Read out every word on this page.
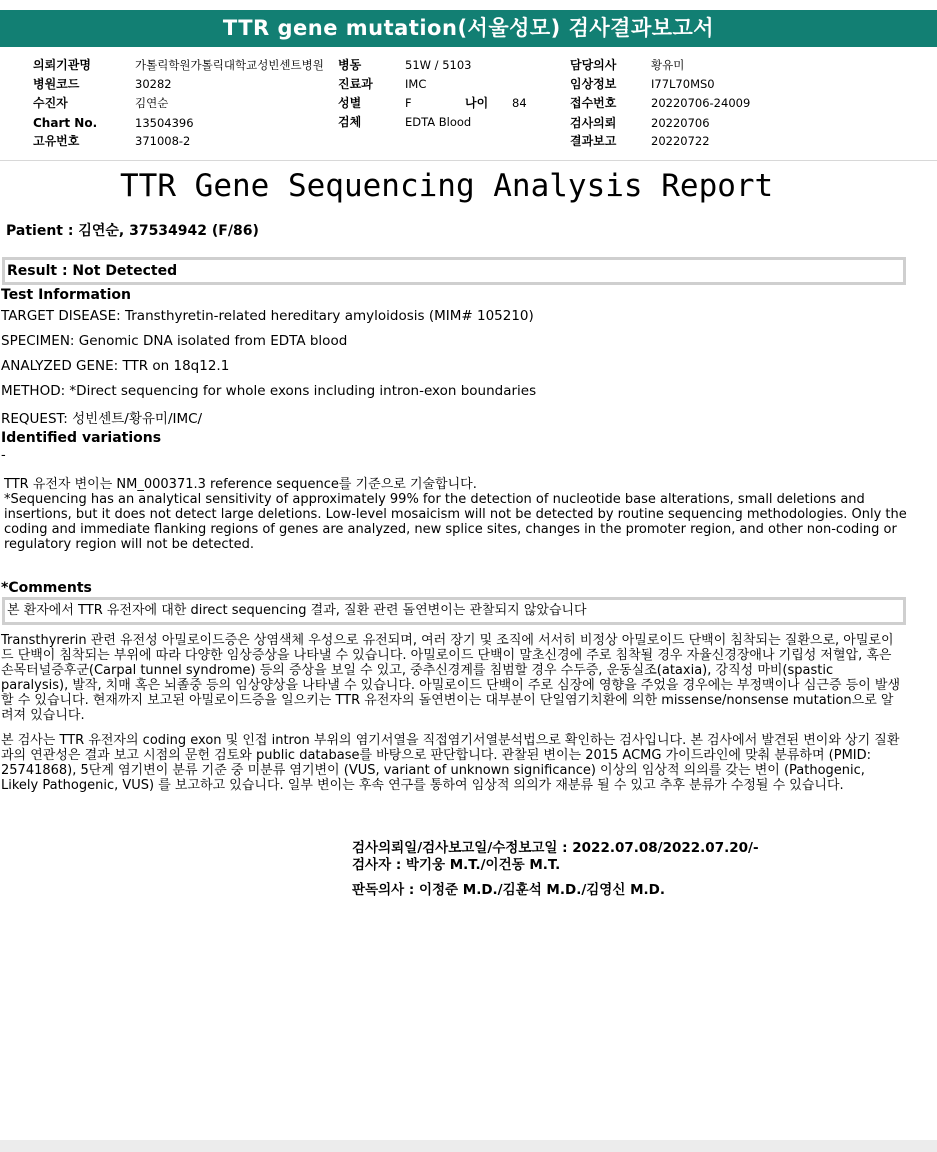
TTR gene mutation(서울성모) 검사결과보고서
의뢰기관명	가톨릭학원가톨릭대학교성빈센트병원
병원코드	30282
수진자	김연순
Chart No.	13504396
고유번호	371008-2
병동	51W / 5103
진료과	IMC
성별	F	나이 84
검체	EDTA Blood
담당의사	황유미
임상정보	I77L70MS0
접수번호	20220706-24009
검사의뢰	20220706
결과보고	20220722
TTR Gene Sequencing Analysis Report
Patient : 김연순, 37534942 (F/86)
Result : Not Detected
Test Information
TARGET DISEASE: Transthyretin-related hereditary amyloidosis (MIM# 105210)
SPECIMEN: Genomic DNA isolated from EDTA blood
ANALYZED GENE: TTR on 18q12.1
METHOD: *Direct sequencing for whole exons including intron-exon boundaries
REQUEST: 성빈센트/황유미/IMC/
Identified variations
-

TTR 유전자 변이는 NM_000371.3 reference sequence를 기준으로 기술합니다.

*Sequencing has an analytical sensitivity of approximately 99% for the detection of nucleotide base alterations, small deletions and insertions, but it does not detect large deletions. Low-level mosaicism will not be detected by routine sequencing methodologies. Only the coding and immediate flanking regions of genes are analyzed, new splice sites, changes in the promoter region, and other non-coding or regulatory region will not be detected.

*Comments
본 환자에서 TTR 유전자에 대한 direct sequencing 결과, 질환 관련 돌연변이는 관찰되지 않았습니다
Transthyrerin 관련 유전성 아밀로이드증은 상염색체 우성으로 유전되며, 여러 장기 및 조직에 서서히 비정상 아밀로이드 단백이 침착되는 질환으로, 아밀로이드 단백이 침착되는 부위에 따라 다양한 임상증상을 나타낼 수 있습니다. 아밀로이드 단백이 말초신경에 주로 침착될 경우 자율신경장애나 기립성 저혈압, 혹은 손목터널증후군(Carpal tunnel syndrome) 등의 증상을 보일 수 있고, 중추신경계를 침범할 경우 수두증, 운동실조(ataxia), 강직성 마비(spastic paralysis), 발작, 치매 혹은 뇌졸중 등의 임상양상을 나타낼 수 있습니다. 아밀로이드 단백이 주로 심장에 영향을 주었을 경우에는 부정맥이나 심근증 등이 발생할 수 있습니다. 현재까지 보고된 아밀로이드증을 일으키는 TTR 유전자의 돌연변이는 대부분이 단일염기치환에 의한 missense/nonsense mutation으로 알려져 있습니다.
본 검사는 TTR 유전자의 coding exon 및 인접 intron 부위의 염기서열을 직접염기서열분석법으로 확인하는 검사입니다. 본 검사에서 발견된 변이와 상기 질환과의 연관성은 결과 보고 시점의 문헌 검토와 public database를 바탕으로 판단합니다. 관찰된 변이는 2015 ACMG 가이드라인에 맞춰 분류하며 (PMID: 25741868), 5단계 염기변이 분류 기준 중 미분류 염기변이 (VUS, variant of unknown significance) 이상의 임상적 의의를 갖는 변이 (Pathogenic, Likely Pathogenic, VUS) 를 보고하고 있습니다. 일부 변이는 후속 연구를 통하여 임상적 의의가 재분류 될 수 있고 추후 분류가 수정될 수 있습니다.
검사의뢰일/검사보고일/수정보고일 : 2022.07.08/2022.07.20/-
검사자 : 박기웅 M.T./이건동 M.T.
판독의사 : 이정준 M.D./김훈석 M.D./김영신 M.D.
